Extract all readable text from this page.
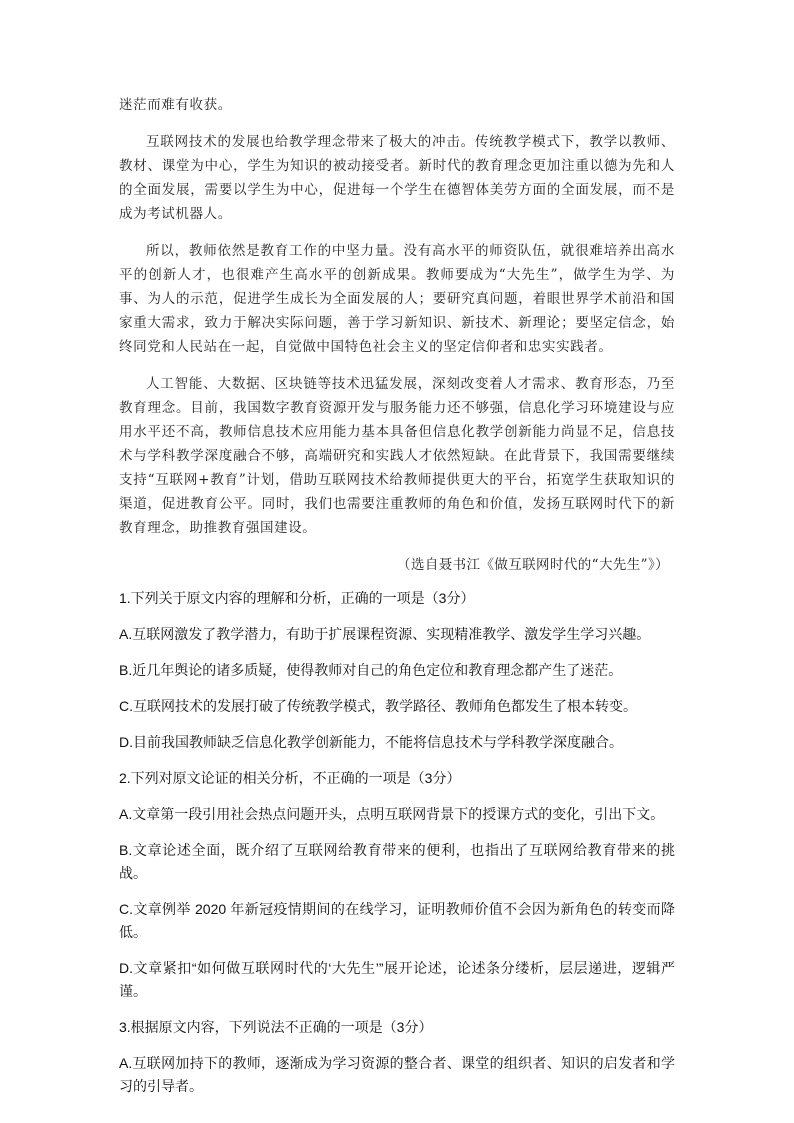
迷茫而难有收获。

互联网技术的发展也给教学理念带来了极大的冲击。传统教学模式下，教学以教师、教材、课堂为中心，学生为知识的被动接受者。新时代的教育理念更加注重以德为先和人的全面发展，需要以学生为中心，促进每一个学生在德智体美劳方面的全面发展，而不是成为考试机器人。

所以，教师依然是教育工作的中坚力量。没有高水平的师资队伍，就很难培养出高水平的创新人才，也很难产生高水平的创新成果。教师要成为“大先生”，做学生为学、为事、为人的示范，促进学生成长为全面发展的人；要研究真问题，着眼世界学术前沿和国家重大需求，致力于解决实际问题，善于学习新知识、新技术、新理论；要坚定信念，始终同党和人民站在一起，自觉做中国特色社会主义的坚定信仰者和忠实实践者。

人工智能、大数据、区块链等技术迅猛发展，深刻改变着人才需求、教育形态，乃至教育理念。目前，我国数字教育资源开发与服务能力还不够强，信息化学习环境建设与应用水平还不高，教师信息技术应用能力基本具备但信息化教学创新能力尚显不足，信息技术与学科教学深度融合不够，高端研究和实践人才依然短缺。在此背景下，我国需要继续支持“互联网+教育”计划，借助互联网技术给教师提供更大的平台，拓宽学生获取知识的渠道，促进教育公平。同时，我们也需要注重教师的角色和价值，发扬互联网时代下的新教育理念，助推教育强国建设。

（选自聂书江《做互联网时代的“大先生”》）

1.下列关于原文内容的理解和分析，正确的一项是（3分）

A.互联网激发了教学潜力，有助于扩展课程资源、实现精准教学、激发学生学习兴趣。

B.近几年舆论的诸多质疑，使得教师对自己的角色定位和教育理念都产生了迷茫。

C.互联网技术的发展打破了传统教学模式，教学路径、教师角色都发生了根本转变。

D.目前我国教师缺乏信息化教学创新能力，不能将信息技术与学科教学深度融合。

2.下列对原文论证的相关分析，不正确的一项是（3分）

A.文章第一段引用社会热点问题开头，点明互联网背景下的授课方式的变化，引出下文。

B.文章论述全面，既介绍了互联网给教育带来的便利，也指出了互联网给教育带来的挑战。

C.文章例举 2020 年新冠疫情期间的在线学习，证明教师价值不会因为新角色的转变而降低。

D.文章紧扣“如何做互联网时代的‘大先生’”展开论述，论述条分缕析，层层递进，逻辑严谨。

3.根据原文内容，下列说法不正确的一项是（3分）

A.互联网加持下的教师，逐渐成为学习资源的整合者、课堂的组织者、知识的启发者和学习的引导者。
